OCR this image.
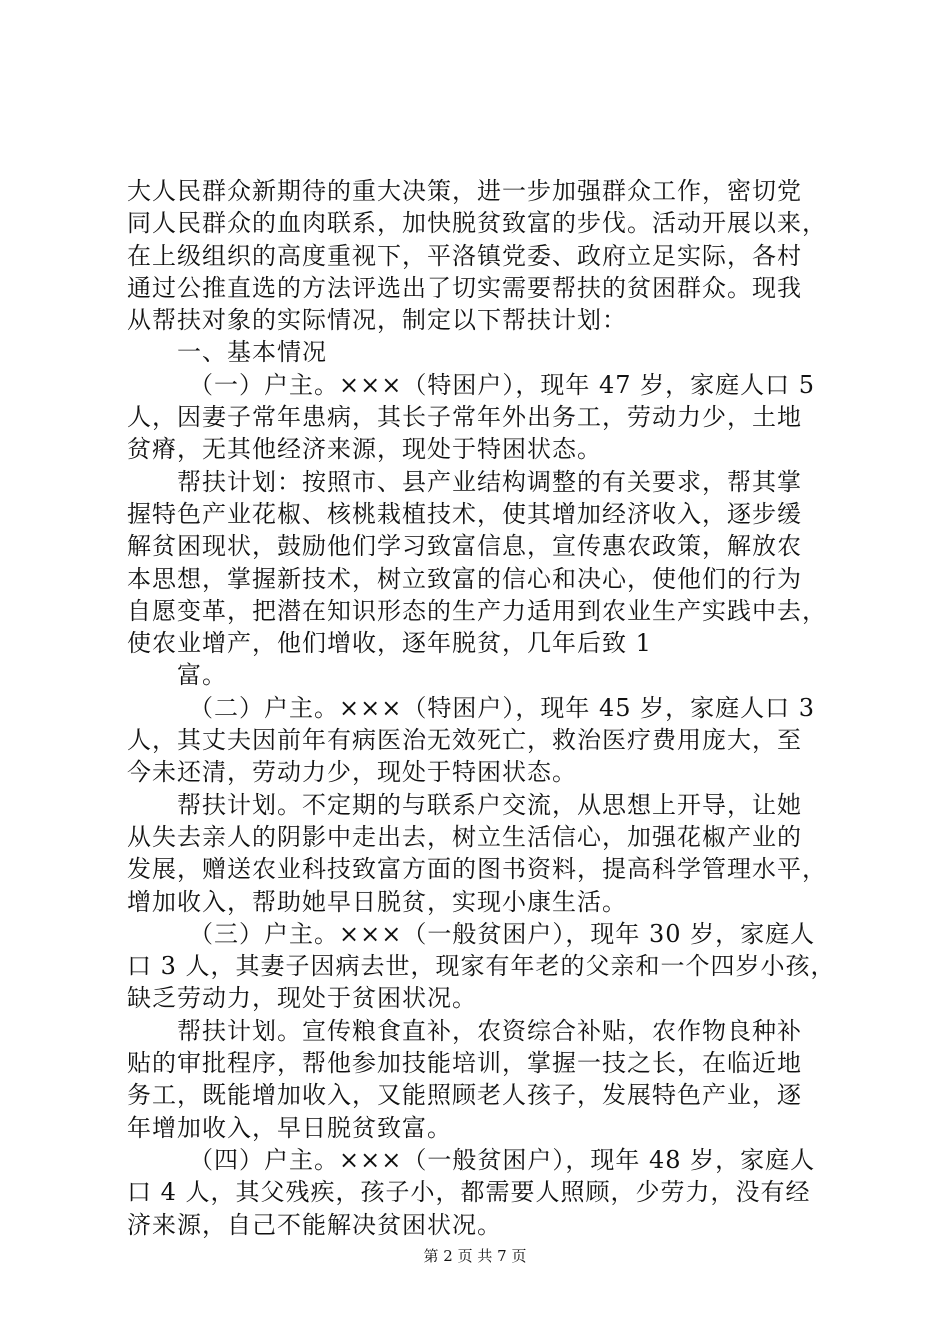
大人民群众新期待的重大决策，进一步加强群众工作，密切党
同人民群众的血肉联系，加快脱贫致富的步伐。活动开展以来，
在上级组织的高度重视下，平洛镇党委、政府立足实际，各村
通过公推直选的方法评选出了切实需要帮扶的贫困群众。现我
从帮扶对象的实际情况，制定以下帮扶计划：
一、基本情况
（一）户主。×××（特困户），现年 47 岁，家庭人口 5
人，因妻子常年患病，其长子常年外出务工，劳动力少，土地
贫瘠，无其他经济来源，现处于特困状态。
帮扶计划：按照市、县产业结构调整的有关要求，帮其掌
握特色产业花椒、核桃栽植技术，使其增加经济收入，逐步缓
解贫困现状，鼓励他们学习致富信息，宣传惠农政策，解放农
本思想，掌握新技术，树立致富的信心和决心，使他们的行为
自愿变革，把潜在知识形态的生产力适用到农业生产实践中去，
使农业增产，他们增收，逐年脱贫，几年后致 1
富。
（二）户主。×××（特困户），现年 45 岁，家庭人口 3
人，其丈夫因前年有病医治无效死亡，救治医疗费用庞大，至
今未还清，劳动力少，现处于特困状态。
帮扶计划。不定期的与联系户交流，从思想上开导，让她
从失去亲人的阴影中走出去，树立生活信心，加强花椒产业的
发展，赠送农业科技致富方面的图书资料，提高科学管理水平，
增加收入，帮助她早日脱贫，实现小康生活。
（三）户主。×××（一般贫困户），现年 30 岁，家庭人
口 3 人，其妻子因病去世，现家有年老的父亲和一个四岁小孩，
缺乏劳动力，现处于贫困状况。
帮扶计划。宣传粮食直补，农资综合补贴，农作物良种补
贴的审批程序，帮他参加技能培训，掌握一技之长，在临近地
务工，既能增加收入，又能照顾老人孩子，发展特色产业，逐
年增加收入，早日脱贫致富。
（四）户主。×××（一般贫困户），现年 48 岁，家庭人
口 4 人，其父残疾，孩子小，都需要人照顾，少劳力，没有经
济来源，自己不能解决贫困状况。
第 2 页 共 7 页
